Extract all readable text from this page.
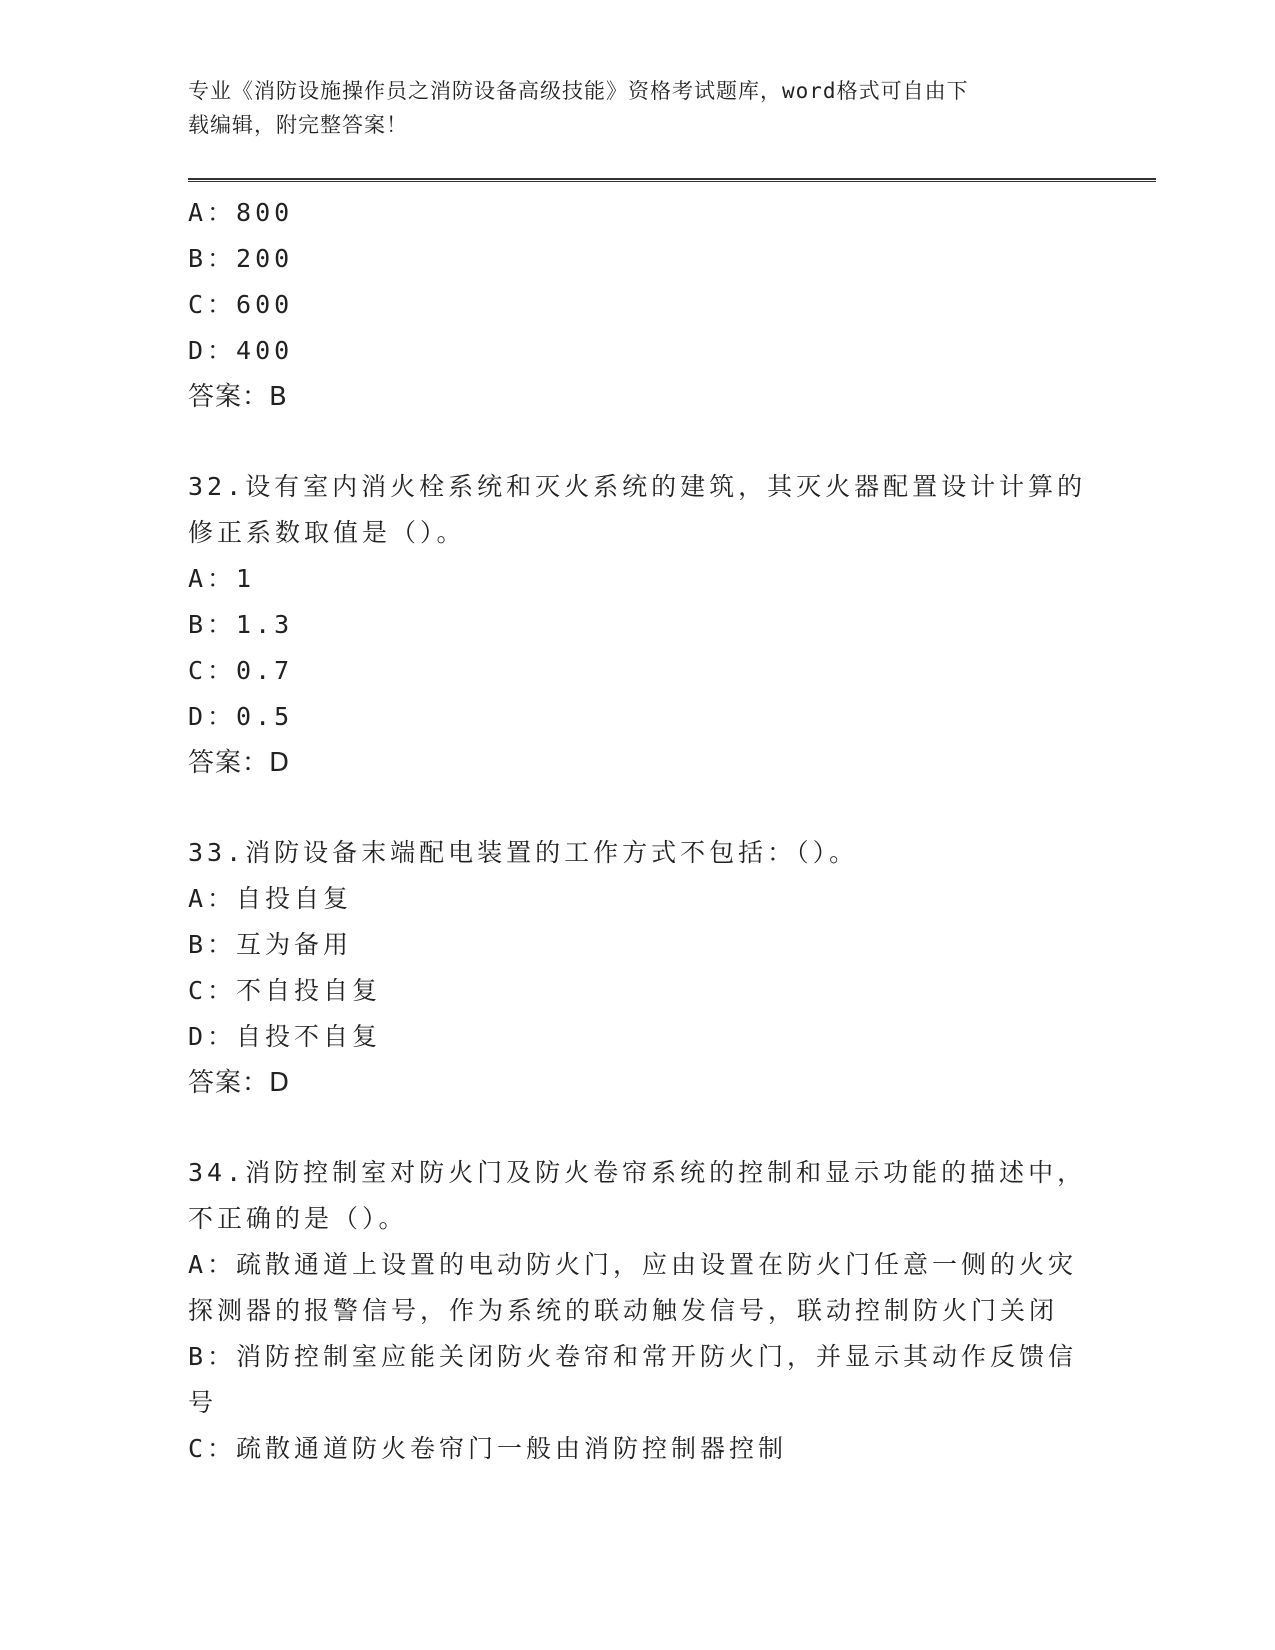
专业《消防设施操作员之消防设备高级技能》资格考试题库，word格式可自由下
载编辑，附完整答案！
A：800
B：200
C：600
D：400
答案：B
32.设有室内消火栓系统和灭火系统的建筑，其灭火器配置设计计算的
修正系数取值是（）。
A：1
B：1.3
C：0.7
D：0.5
答案：D
33.消防设备末端配电装置的工作方式不包括：（）。
A：自投自复
B：互为备用
C：不自投自复
D：自投不自复
答案：D
34.消防控制室对防火门及防火卷帘系统的控制和显示功能的描述中，
不正确的是（）。
A：疏散通道上设置的电动防火门，应由设置在防火门任意一侧的火灾
探测器的报警信号，作为系统的联动触发信号，联动控制防火门关闭
B：消防控制室应能关闭防火卷帘和常开防火门，并显示其动作反馈信
号
C：疏散通道防火卷帘门一般由消防控制器控制
